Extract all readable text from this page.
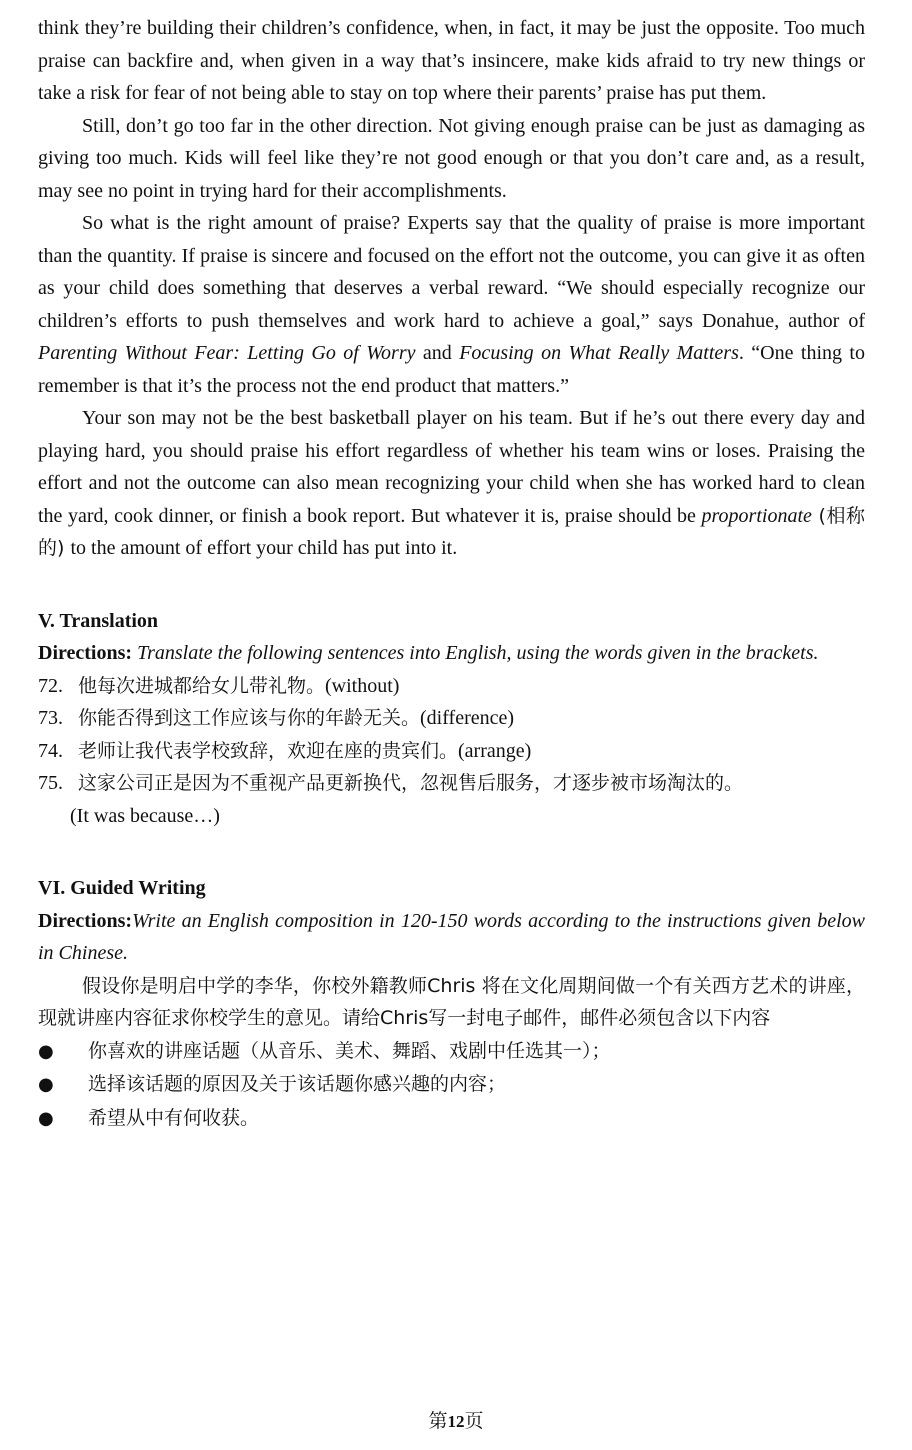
think they’re building their children’s confidence, when, in fact, it may be just the opposite. Too much praise can backfire and, when given in a way that’s insincere, make kids afraid to try new things or take a risk for fear of not being able to stay on top where their parents’ praise has put them.

Still, don’t go too far in the other direction. Not giving enough praise can be just as damaging as giving too much. Kids will feel like they’re not good enough or that you don’t care and, as a result, may see no point in trying hard for their accomplishments.

So what is the right amount of praise? Experts say that the quality of praise is more important than the quantity. If praise is sincere and focused on the effort not the outcome, you can give it as often as your child does something that deserves a verbal reward. “We should especially recognize our children’s efforts to push themselves and work hard to achieve a goal,” says Donahue, author of Parenting Without Fear: Letting Go of Worry and Focusing on What Really Matters. “One thing to remember is that it’s the process not the end product that matters.”

Your son may not be the best basketball player on his team. But if he’s out there every day and playing hard, you should praise his effort regardless of whether his team wins or loses. Praising the effort and not the outcome can also mean recognizing your child when she has worked hard to clean the yard, cook dinner, or finish a book report. But whatever it is, praise should be proportionate (相称的) to the amount of effort your child has put into it.

V. Translation

Directions: Translate the following sentences into English, using the words given in the brackets.

72. 他每次进城都给女儿带礼物。(without)
73. 你能否得到这工作应该与你的年龄无关。(difference)
74. 老师让我代表学校致辞，欢迎在座的贵宾们。(arrange)
75. 这家公司正是因为不重视产品更新换代，忽视售后服务，才逐步被市场淘汰的。
(It was because…)

VI. Guided Writing

Directions:Write an English composition in 120-150 words according to the instructions given below in Chinese.

假设你是明启中学的李华，你校外籍教师Chris 将在文化周期间做一个有关西方艺术的讲座，现就讲座内容征求你校学生的意见。请给Chris写一封电子邮件，邮件必须包含以下内容

●	你喜欢的讲座话题（从音乐、美术、舞蹈、戏剧中任选其一）；
●	选择该话题的原因及关于该话题你感兴趣的内容；
●	希望从中有何收获。
第12页
